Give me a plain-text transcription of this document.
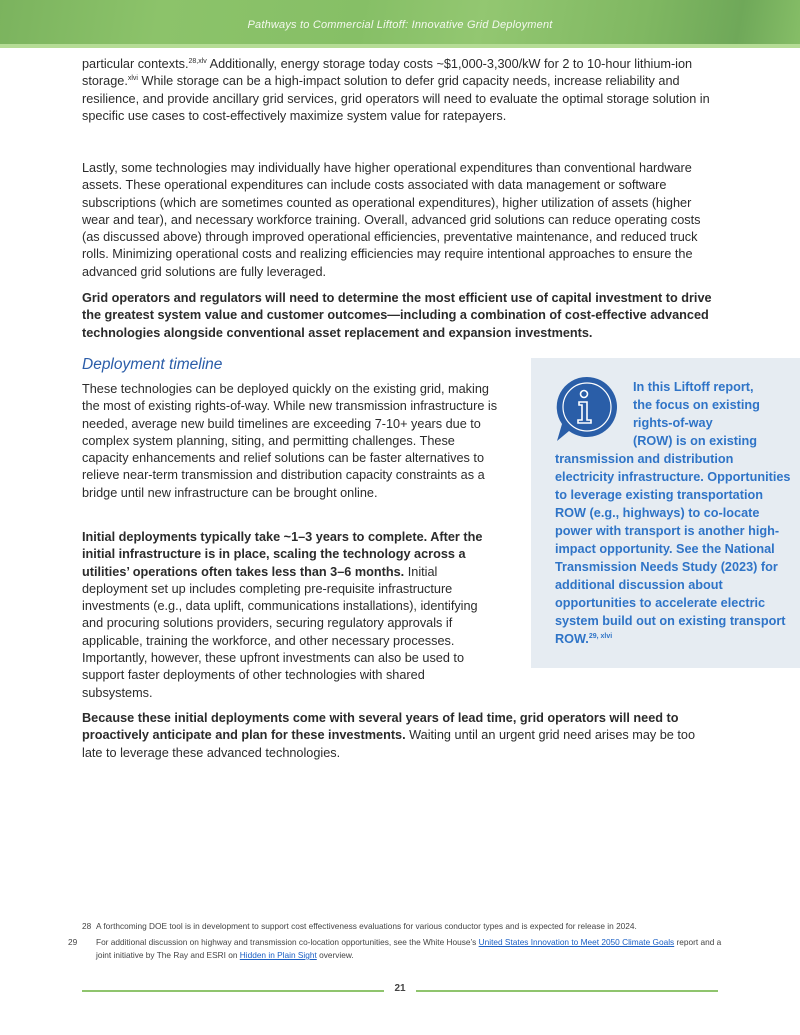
Pathways to Commercial Liftoff: Innovative Grid Deployment
particular contexts.$^{28,xlv}$ Additionally, energy storage today costs ~$1,000-3,300/kW for 2 to 10-hour lithium-ion storage.$^{xlvi}$ While storage can be a high-impact solution to defer grid capacity needs, increase reliability and resilience, and provide ancillary grid services, grid operators will need to evaluate the optimal storage solution in specific use cases to cost-effectively maximize system value for ratepayers.
Lastly, some technologies may individually have higher operational expenditures than conventional hardware assets. These operational expenditures can include costs associated with data management or software subscriptions (which are sometimes counted as operational expenditures), higher utilization of assets (higher wear and tear), and necessary workforce training. Overall, advanced grid solutions can reduce operating costs (as discussed above) through improved operational efficiencies, preventative maintenance, and reduced truck rolls. Minimizing operational costs and realizing efficiencies may require intentional approaches to ensure the advanced grid solutions are fully leveraged.
Grid operators and regulators will need to determine the most efficient use of capital investment to drive the greatest system value and customer outcomes—including a combination of cost-effective advanced technologies alongside conventional asset replacement and expansion investments.
Deployment timeline
These technologies can be deployed quickly on the existing grid, making the most of existing rights-of-way. While new transmission infrastructure is needed, average new build timelines are exceeding 7-10+ years due to complex system planning, siting, and permitting challenges. These capacity enhancements and relief solutions can be faster alternatives to relieve near-term transmission and distribution capacity constraints as a bridge until new infrastructure can be brought online.
Initial deployments typically take ~1–3 years to complete. After the initial infrastructure is in place, scaling the technology across a utilities’ operations often takes less than 3–6 months. Initial deployment set up includes completing pre-requisite infrastructure investments (e.g., data uplift, communications installations), identifying and procuring solutions providers, securing regulatory approvals if applicable, training the workforce, and other necessary processes. Importantly, however, these upfront investments can also be used to support faster deployments of other technologies with shared subsystems.
In this Liftoff report,
the focus on existing
rights-of-way
(ROW) is on existing
transmission and distribution electricity infrastructure. Opportunities to leverage existing transportation ROW (e.g., highways) to co-locate power with transport is another high-impact opportunity. See the National Transmission Needs Study (2023) for additional discussion about opportunities to accelerate electric system build out on existing transport ROW.$^{29, xlvi}$
Because these initial deployments come with several years of lead time, grid operators will need to proactively anticipate and plan for these investments. Waiting until an urgent grid need arises may be too late to leverage these advanced technologies.
28 A forthcoming DOE tool is in development to support cost effectiveness evaluations for various conductor types and is expected for release in 2024.
29 For additional discussion on highway and transmission co-location opportunities, see the White House’s United States Innovation to Meet 2050 Climate Goals report and a joint initiative by The Ray and ESRI on Hidden in Plain Sight overview.
21
